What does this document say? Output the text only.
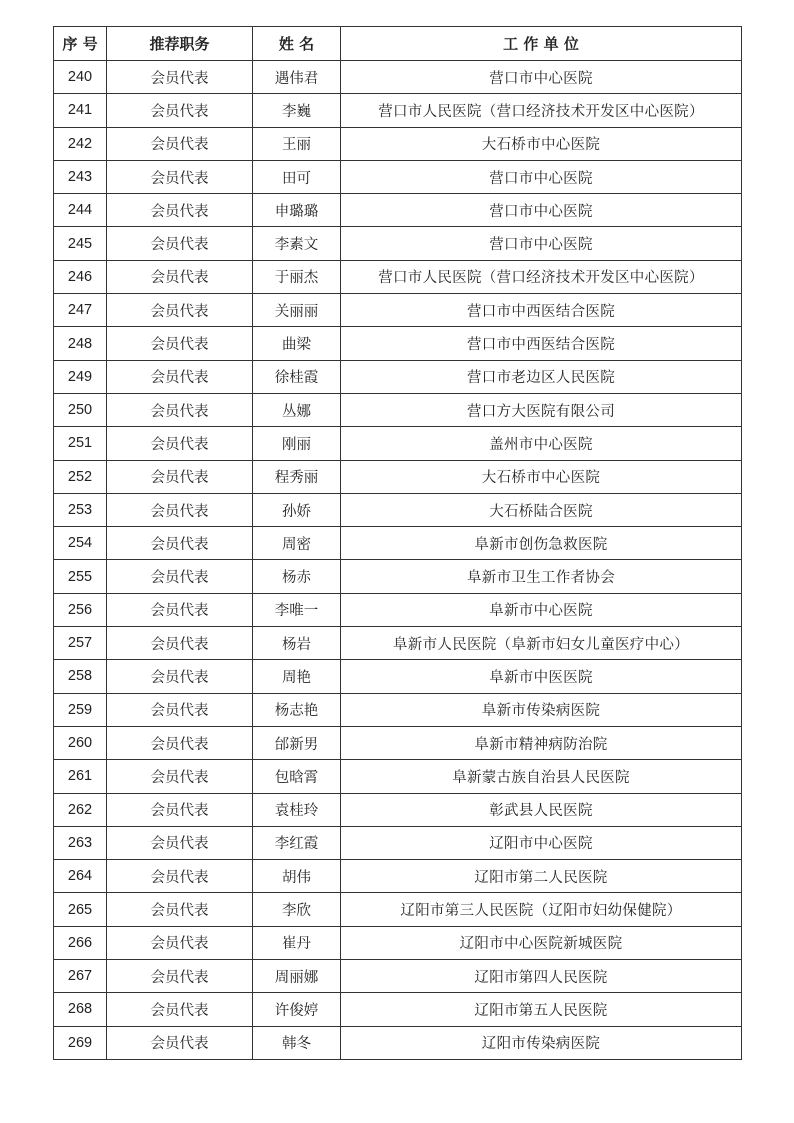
序 号	推荐职务	姓 名	工 作 单 位
240	会员代表	遇伟君	营口市中心医院
241	会员代表	李巍	营口市人民医院（营口经济技术开发区中心医院）
242	会员代表	王丽	大石桥市中心医院
243	会员代表	田可	营口市中心医院
244	会员代表	申璐璐	营口市中心医院
245	会员代表	李素文	营口市中心医院
246	会员代表	于丽杰	营口市人民医院（营口经济技术开发区中心医院）
247	会员代表	关丽丽	营口市中西医结合医院
248	会员代表	曲梁	营口市中西医结合医院
249	会员代表	徐桂霞	营口市老边区人民医院
250	会员代表	丛娜	营口方大医院有限公司
251	会员代表	刚丽	盖州市中心医院
252	会员代表	程秀丽	大石桥市中心医院
253	会员代表	孙娇	大石桥陆合医院
254	会员代表	周密	阜新市创伤急救医院
255	会员代表	杨赤	阜新市卫生工作者协会
256	会员代表	李唯一	阜新市中心医院
257	会员代表	杨岩	阜新市人民医院（阜新市妇女儿童医疗中心）
258	会员代表	周艳	阜新市中医医院
259	会员代表	杨志艳	阜新市传染病医院
260	会员代表	邰新男	阜新市精神病防治院
261	会员代表	包晗霄	阜新蒙古族自治县人民医院
262	会员代表	袁桂玲	彰武县人民医院
263	会员代表	李红霞	辽阳市中心医院
264	会员代表	胡伟	辽阳市第二人民医院
265	会员代表	李欣	辽阳市第三人民医院（辽阳市妇幼保健院）
266	会员代表	崔丹	辽阳市中心医院新城医院
267	会员代表	周丽娜	辽阳市第四人民医院
268	会员代表	许俊婷	辽阳市第五人民医院
269	会员代表	韩冬	辽阳市传染病医院
